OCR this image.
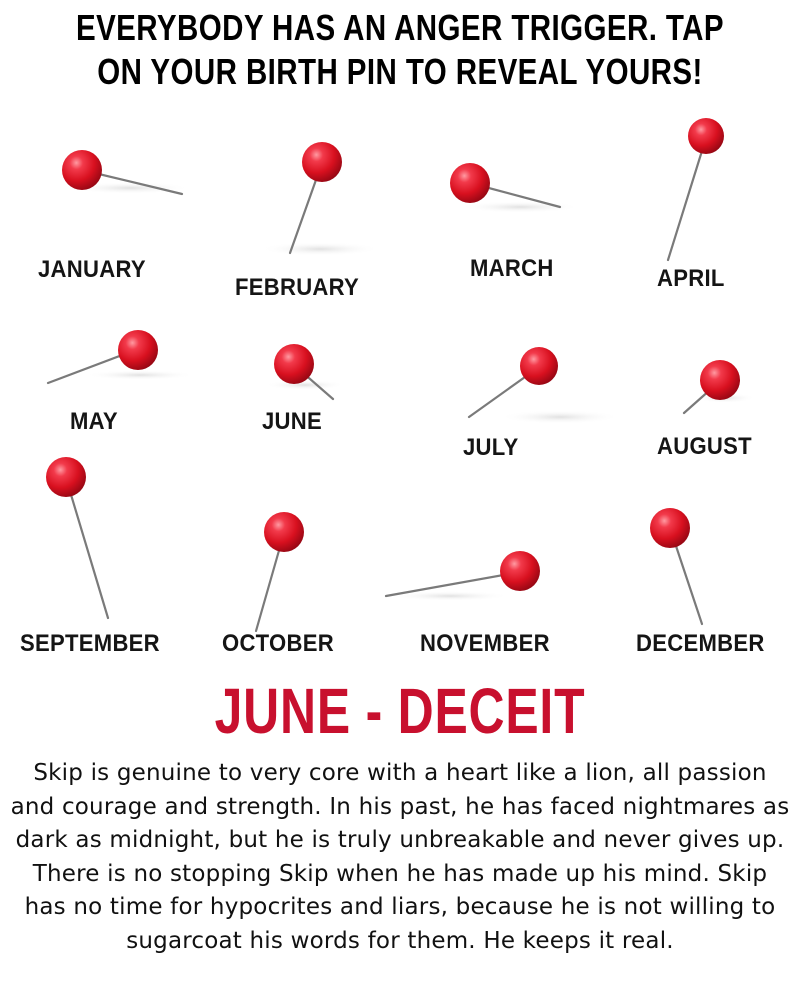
EVERYBODY HAS AN ANGER TRIGGER. TAP
ON YOUR BIRTH PIN TO REVEAL YOURS!
JANUARY
FEBRUARY
MARCH	APRIL
MAY	JUNE
JULY	AUGUST
SEPTEMBER	OCTOBER	NOVEMBER	DECEMBER
JUNE - DECEIT

Skip is genuine to very core with a heart like a lion, all passion and courage and strength. In his past, he has faced nightmares as dark as midnight, but he is truly unbreakable and never gives up. There is no stopping Skip when he has made up his mind. Skip has no time for hypocrites and liars, because he is not willing to sugarcoat his words for them. He keeps it real.
